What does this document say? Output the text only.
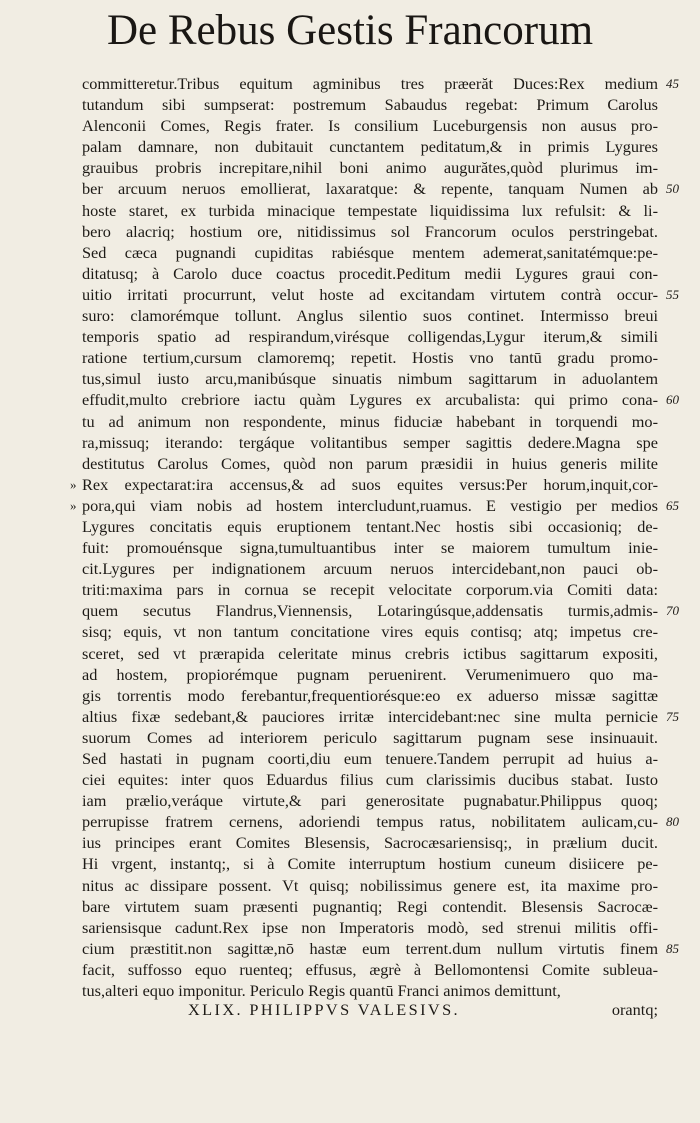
De Rebus Gestis Francorum
committeretur.Tribus equitum agminibus tres præerăt Duces:Rex medium 45
tutandum sibi sumpserat: postremum Sabaudus regebat: Primum Carolus
Alenconii Comes, Regis frater. Is consilium Luceburgensis non ausus pro-
palam damnare, non dubitauit cunctantem peditatum,& in primis Lygures
grauibus probris increpitare,nihil boni animo augurătes,quòd plurimus im-
ber arcuum neruos emollierat, laxaratque: & repente, tanquam Numen ab 50
hoste staret, ex turbida minacique tempestate liquidissima lux refulsit: & li-
bero alacriq; hostium ore, nitidissimus sol Francorum oculos perstringebat.
Sed cæca pugnandi cupiditas rabiésque mentem ademerat,sanitatémque:pe-
ditatusq; à Carolo duce coactus procedit.Peditum medii Lygures graui con-
uitio irritati procurrunt, velut hoste ad excitandam virtutem contrà occur- 55
suro: clamorémque tollunt. Anglus silentio suos continet. Intermisso breui
temporis spatio ad respirandum,virésque colligendas,Lygur iterum,& simili
ratione tertium,cursum clamoremq; repetit. Hostis vno tantū gradu promo-
tus,simul iusto arcu,manibúsque sinuatis nimbum sagittarum in aduolantem
effudit,multo crebriore iactu quàm Lygures ex arcubalista: qui primo cona- 60
tu ad animum non respondente, minus fiduciæ habebant in torquendi mo-
ra,missuq; iterando: tergáque volitantibus semper sagittis dedere.Magna spe
destitutus Carolus Comes, quòd non parum præsidii in huius generis milite
» Rex expectarat:ira accensus,& ad suos equites versus:Per horum,inquit,cor-
» pora,qui viam nobis ad hostem intercludunt,ruamus. E vestigio per medios 65
Lygures concitatis equis eruptionem tentant.Nec hostis sibi occasioniq; de-
fuit: promouénsque signa,tumultuantibus inter se maiorem tumultum inie-
cit.Lygures per indignationem arcuum neruos intercidebant,non pauci ob-
triti:maxima pars in cornua se recepit velocitate corporum.via Comiti data:
quem secutus Flandrus,Viennensis, Lotaringúsque,addensatis turmis,admis- 70
sisq; equis, vt non tantum concitatione vires equis contisq; atq; impetus cre-
sceret, sed vt prærapida celeritate minus crebris ictibus sagittarum expositi,
ad hostem, propiorémque pugnam peruenirent. Verumenimuero quo ma-
gis torrentis modo ferebantur,frequentiorésque:eo ex aduerso missæ sagittæ
altius fixæ sedebant,& pauciores irritæ intercidebant:nec sine multa pernicie 75
suorum Comes ad interiorem periculo sagittarum pugnam sese insinuauit.
Sed hastati in pugnam coorti,diu eum tenuere.Tandem perrupit ad huius a-
ciei equites: inter quos Eduardus filius cum clarissimis ducibus stabat. Iusto
iam prælio,veráque virtute,& pari generositate pugnabatur.Philippus quoq;
perrupisse fratrem cernens, adoriendi tempus ratus, nobilitatem aulicam,cu- 80
ius principes erant Comites Blesensis, Sacrocæsariensisq;, in prælium ducit.
Hi vrgent, instantq;, si à Comite interruptum hostium cuneum disiicere pe-
nitus ac dissipare possent. Vt quisq; nobilissimus genere est, ita maxime pro-
bare virtutem suam præsenti pugnantiq; Regi contendit. Blesensis Sacrocæ-
sariensisque cadunt.Rex ipse non Imperatoris modò, sed strenui militis offi-
cium præstitit.non sagittæ,nō hastæ eum terrent.dum nullum virtutis finem 85
facit, suffosso equo ruenteq; effusus, ægrè à Bellomontensi Comite subleua-
tus,alteri equo imponitur. Periculo Regis quantū Franci animos demittunt,
XLIX. PHILIPPVS VALESIVS.	orantq;
